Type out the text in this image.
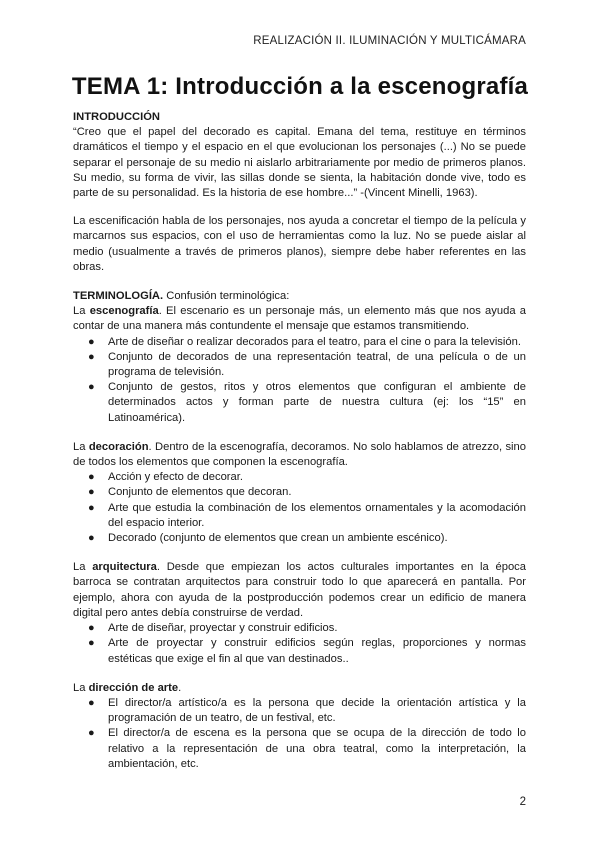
REALIZACIÓN II. ILUMINACIÓN Y MULTICÁMARA
TEMA 1: Introducción a la escenografía

INTRODUCCIÓN

“Creo que el papel del decorado es capital. Emana del tema, restituye en términos dramáticos el tiempo y el espacio en el que evolucionan los personajes (...) No se puede separar el personaje de su medio ni aislarlo arbitrariamente por medio de primeros planos. Su medio, su forma de vivir, las sillas donde se sienta, la habitación donde vive, todo es parte de su personalidad. Es la historia de ese hombre...” -(Vincent Minelli, 1963).

La escenificación habla de los personajes, nos ayuda a concretar el tiempo de la película y marcarnos sus espacios, con el uso de herramientas como la luz. No se puede aislar al medio (usualmente a través de primeros planos), siempre debe haber referentes en las obras.

TERMINOLOGÍA. Confusión terminológica:

La escenografía. El escenario es un personaje más, un elemento más que nos ayuda a contar de una manera más contundente el mensaje que estamos transmitiendo.

● Arte de diseñar o realizar decorados para el teatro, para el cine o para la televisión.
● Conjunto de decorados de una representación teatral, de una película o de un programa de televisión.
● Conjunto de gestos, ritos y otros elementos que configuran el ambiente de determinados actos y forman parte de nuestra cultura (ej: los “15” en Latinoamérica).

La decoración. Dentro de la escenografía, decoramos. No solo hablamos de atrezzo, sino de todos los elementos que componen la escenografía.

● Acción y efecto de decorar.
● Conjunto de elementos que decoran.
● Arte que estudia la combinación de los elementos ornamentales y la acomodación del espacio interior.
● Decorado (conjunto de elementos que crean un ambiente escénico).

La arquitectura. Desde que empiezan los actos culturales importantes en la época barroca se contratan arquitectos para construir todo lo que aparecerá en pantalla. Por ejemplo, ahora con ayuda de la postproducción podemos crear un edificio de manera digital pero antes debía construirse de verdad.

● Arte de diseñar, proyectar y construir edificios.
● Arte de proyectar y construir edificios según reglas, proporciones y normas estéticas que exige el fin al que van destinados..

La dirección de arte.

● El director/a artístico/a es la persona que decide la orientación artística y la programación de un teatro, de un festival, etc.
● El director/a de escena es la persona que se ocupa de la dirección de todo lo relativo a la representación de una obra teatral, como la interpretación, la ambientación, etc.
2
